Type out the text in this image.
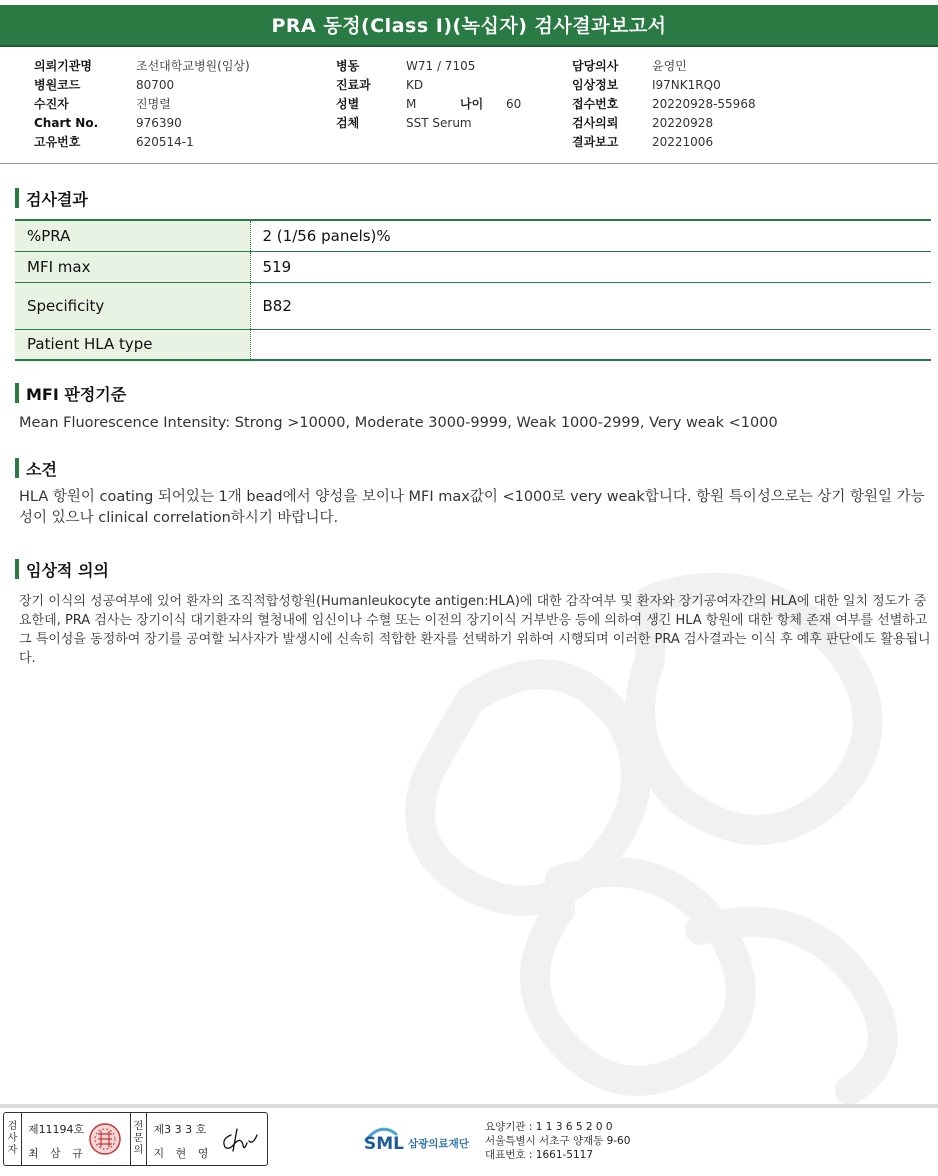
PRA 동정(Class I)(녹십자) 검사결과보고서
의뢰기관명	조선대학교병원(임상)
병원코드	80700
수진자	진명렬
Chart No.	976390
고유번호	620514-1
병동	W71 / 7105
진료과	KD
성별	M	나이	60
검체	SST Serum
담당의사	윤영민
임상정보	I97NK1RQ0
접수번호	20220928-55968
검사의뢰	20220928
결과보고	20221006
검사결과
%PRA	2 (1/56 panels)%
MFI max	519
Specificity	B82
Patient HLA type	
MFI 판정기준
Mean Fluorescence Intensity: Strong >10000, Moderate 3000-9999, Weak 1000-2999, Very weak <1000
소견
HLA 항원이 coating 되어있는 1개 bead에서 양성을 보이나 MFI max값이 <1000로 very weak합니다. 항원 특이성으로는 상기 항원일 가능성이 있으나 clinical correlation하시기 바랍니다.
임상적 의의
장기 이식의 성공여부에 있어 환자의 조직적합성항원(Humanleukocyte antigen:HLA)에 대한 감작여부 및 환자와 장기공여자간의 HLA에 대한 일치 정도가 중요한데, PRA 검사는 장기이식 대기환자의 혈청내에 임신이나 수혈 또는 이전의 장기이식 거부반응 등에 의하여 생긴 HLA 항원에 대한 항체 존재 여부를 선별하고 그 특이성을 동정하여 장기를 공여할 뇌사자가 발생시에 신속히 적합한 환자를 선택하기 위하여 시행되며 이러한 PRA 검사결과는 이식 후 예후 판단에도 활용됩니다.
검
사
자
제11194호
최 삼 규
전
문
의
제3 3 3 호
지 현 영	SML 삼광의료재단
요양기관 : 1 1 3 6 5 2 0 0
서울특별시 서초구 양재동 9-60
대표번호 : 1661-5117
